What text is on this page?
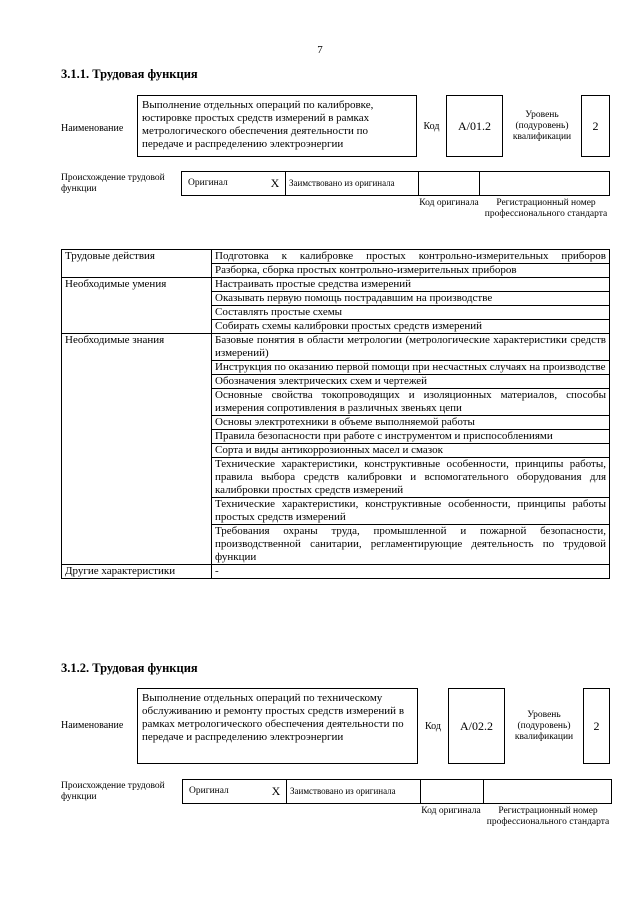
7
3.1.1. Трудовая функция
Наименование
Выполнение отдельных операций по калибровке, юстировке простых средств измерений в рамках метрологического обеспечения деятельности по передаче и распределению электроэнергии
Код	А/01.2
Уровень (подуровень) квалификации
2
Происхождение трудовой функции
Оригинал	X	Заимствовано из оригинала
Код оригинала	Регистрационный номер профессионального стандарта
Трудовые действия	Подготовка к калибровке простых контрольно-измерительных приборов
	Разборка, сборка простых контрольно-измерительных приборов
Необходимые умения	Настраивать простые средства измерений
	Оказывать первую помощь пострадавшим на производстве
	Составлять простые схемы
	Собирать схемы калибровки простых средств измерений
Необходимые знания	Базовые понятия в области метрологии (метрологические характеристики средств измерений)
	Инструкция по оказанию первой помощи при несчастных случаях на производстве
	Обозначения электрических схем и чертежей
	Основные свойства токопроводящих и изоляционных материалов, способы измерения сопротивления в различных звеньях цепи
	Основы электротехники в объеме выполняемой работы
	Правила безопасности при работе с инструментом и приспособлениями
	Сорта и виды антикоррозионных масел и смазок
	Технические характеристики, конструктивные особенности, принципы работы, правила выбора средств калибровки и вспомогательного оборудования для калибровки простых средств измерений
	Технические характеристики, конструктивные особенности, принципы работы простых средств измерений
	Требования охраны труда, промышленной и пожарной безопасности, производственной санитарии, регламентирующие деятельность по трудовой функции
Другие характеристики	-
3.1.2. Трудовая функция
Наименование
Выполнение отдельных операций по техническому обслуживанию и ремонту простых средств измерений в рамках метрологического обеспечения деятельности по передаче и распределению электроэнергии
Код	А/02.2
Уровень (подуровень) квалификации
2
Происхождение трудовой функции
Оригинал	X	Заимствовано из оригинала
Код оригинала	Регистрационный номер профессионального стандарта
